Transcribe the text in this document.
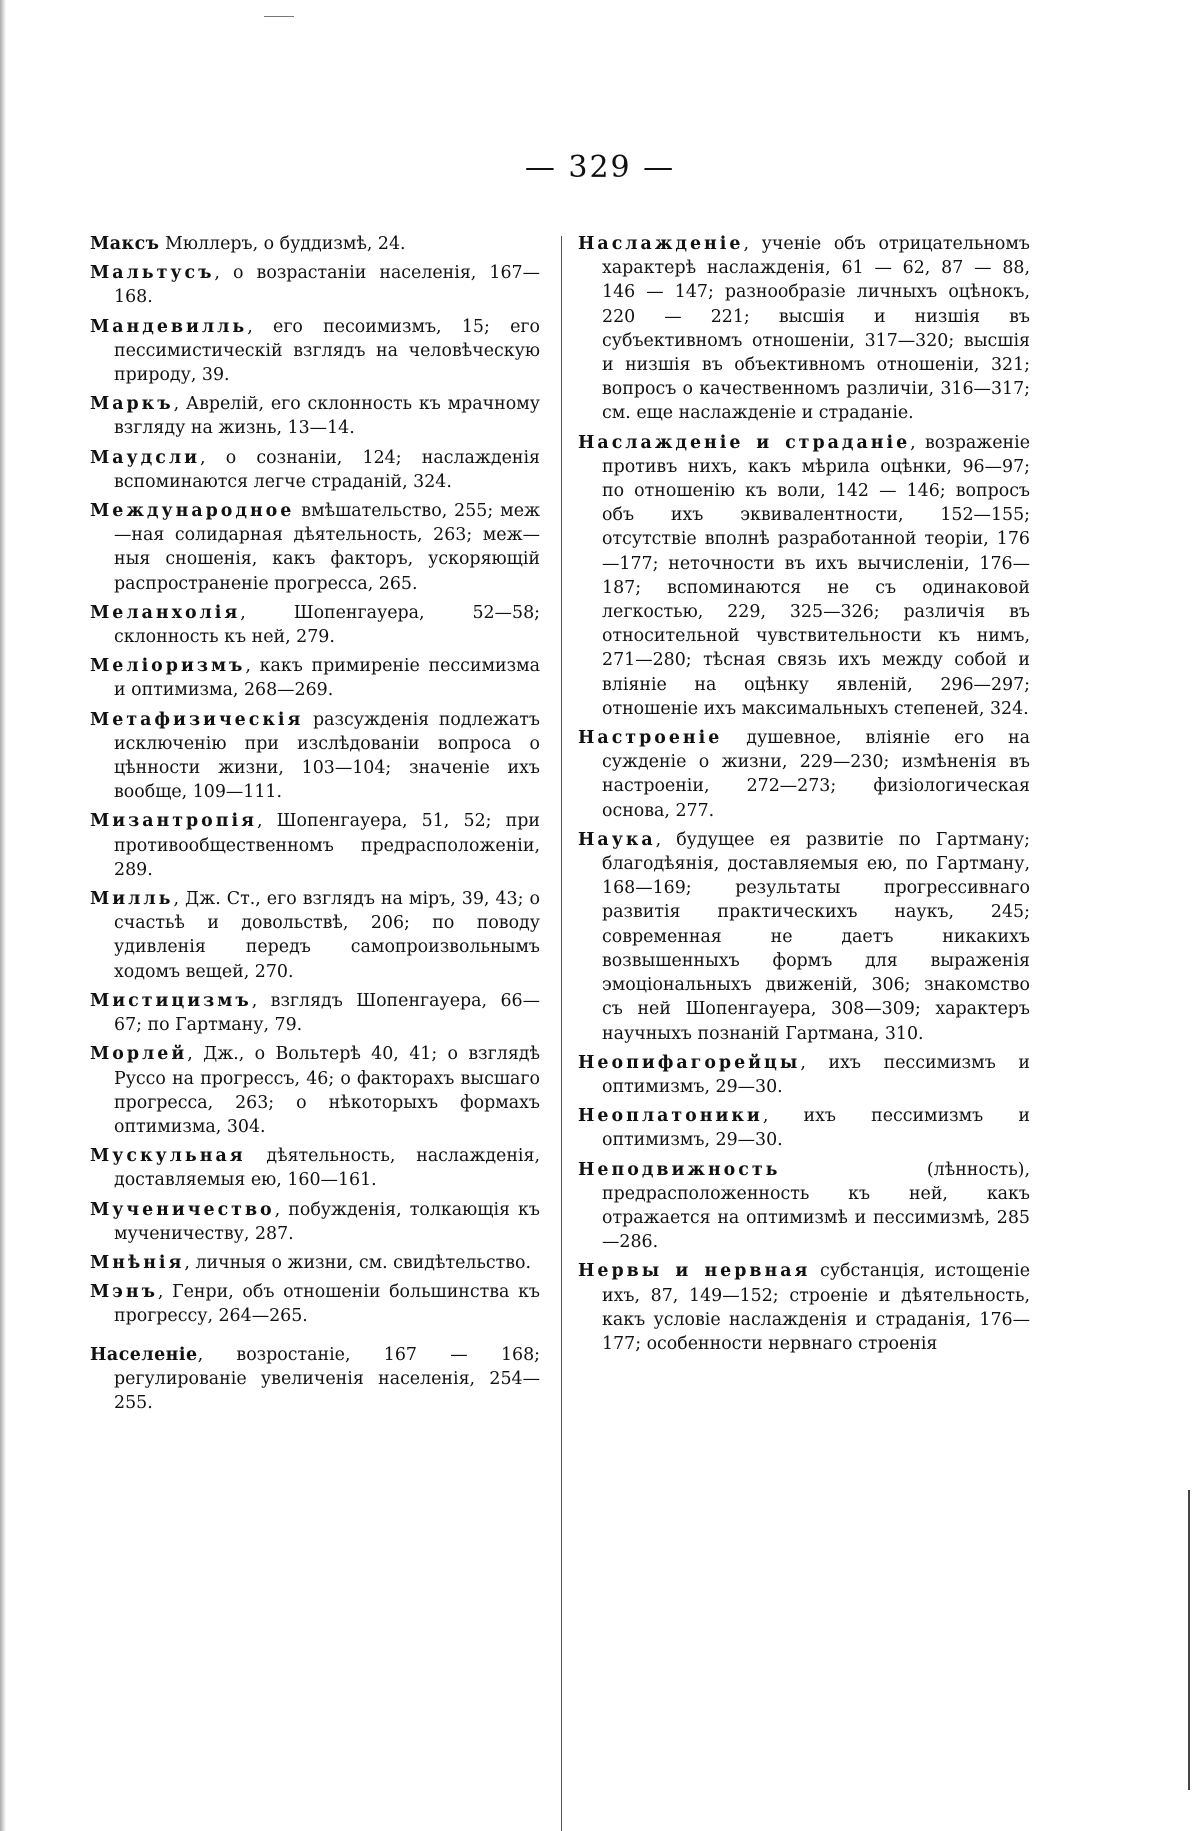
— 329 —

Максъ Мюллеръ, о буддизмѣ, 24.

Мальтусъ, о возрастаніи населенія, 167—168.

Мандевилль, его песоимизмъ, 15; его пессимистическій взглядъ на человѣческую природу, 39.

Маркъ, Аврелій, его склонность къ мрачному взгляду на жизнь, 13—14.

Маудсли, о сознаніи, 124; наслажденія вспоминаются легче страданій, 324.

Международное вмѣшательство, 255; меж—ная солидарная дѣятельность, 263; меж—ныя сношенія, какъ факторъ, ускоряющій распространеніе прогресса, 265.

Меланхолія, Шопенгауера, 52—58; склонность къ ней, 279.

Меліоризмъ, какъ примиреніе пессимизма и оптимизма, 268—269.

Метафизическія разсужденія подлежатъ исключенію при изслѣдованіи вопроса о цѣнности жизни, 103—104; значеніе ихъ вообще, 109—111.

Мизантропія, Шопенгауера, 51, 52; при противообщественномъ предрасположеніи, 289.

Милль, Дж. Ст., его взглядъ на міръ, 39, 43; о счастьѣ и довольствѣ, 206; по поводу удивленія передъ самопроизвольнымъ ходомъ вещей, 270.

Мистицизмъ, взглядъ Шопенгауера, 66—67; по Гартману, 79.

Морлей, Дж., о Вольтерѣ 40, 41; о взглядѣ Руссо на прогрессъ, 46; о факторахъ высшаго прогресса, 263; о нѣкоторыхъ формахъ оптимизма, 304.

Мускульная дѣятельность, наслажденія, доставляемыя ею, 160—161.

Мученичество, побужденія, толкающія къ мученичеству, 287.

Мнѣнія, личныя о жизни, см. свидѣтельство.

Мэнъ, Генри, объ отношеніи большинства къ прогрессу, 264—265.

Населеніе, возростаніе, 167 — 168; регулированіе увеличенія населенія, 254—255.

Наслажденіе, ученіе объ отрицательномъ характерѣ наслажденія, 61 — 62, 87 — 88, 146 — 147; разнообразіе личныхъ оцѣнокъ, 220 — 221; высшія и низшія въ субъективномъ отношеніи, 317—320; высшія и низшія въ объективномъ отношеніи, 321; вопросъ о качественномъ различіи, 316—317; см. еще наслажденіе и страданіе.

Наслажденіе и страданіе, возраженіе противъ нихъ, какъ мѣрила оцѣнки, 96—97; по отношенію къ воли, 142 — 146; вопросъ объ ихъ эквивалентности, 152—155; отсутствіе вполнѣ разработанной теоріи, 176—177; неточности въ ихъ вычисленіи, 176—187; вспоминаются не съ одинаковой легкостью, 229, 325—326; различія въ относительной чувствительности къ нимъ, 271—280; тѣсная связь ихъ между собой и вліяніе на оцѣнку явленій, 296—297; отношеніе ихъ максимальныхъ степеней, 324.

Настроеніе душевное, вліяніе его на сужденіе о жизни, 229—230; измѣненія въ настроеніи, 272—273; физіологическая основа, 277.

Наука, будущее ея развитіе по Гартману; благодѣянія, доставляемыя ею, по Гартману, 168—169; результаты прогрессивнаго развитія практическихъ наукъ, 245; современная не даетъ никакихъ возвышенныхъ формъ для выраженія эмоціональныхъ движеній, 306; знакомство съ ней Шопенгауера, 308—309; характеръ научныхъ познаній Гартмана, 310.

Неопифагорейцы, ихъ пессимизмъ и оптимизмъ, 29—30.

Неоплатоники, ихъ пессимизмъ и оптимизмъ, 29—30.

Неподвижность (лѣнность), предрасположенность къ ней, какъ отражается на оптимизмѣ и пессимизмѣ, 285—286.

Нервы и нервная субстанція, истощеніе ихъ, 87, 149—152; строеніе и дѣятельность, какъ условіе наслажденія и страданія, 176—177; особенности нервнаго строенія
